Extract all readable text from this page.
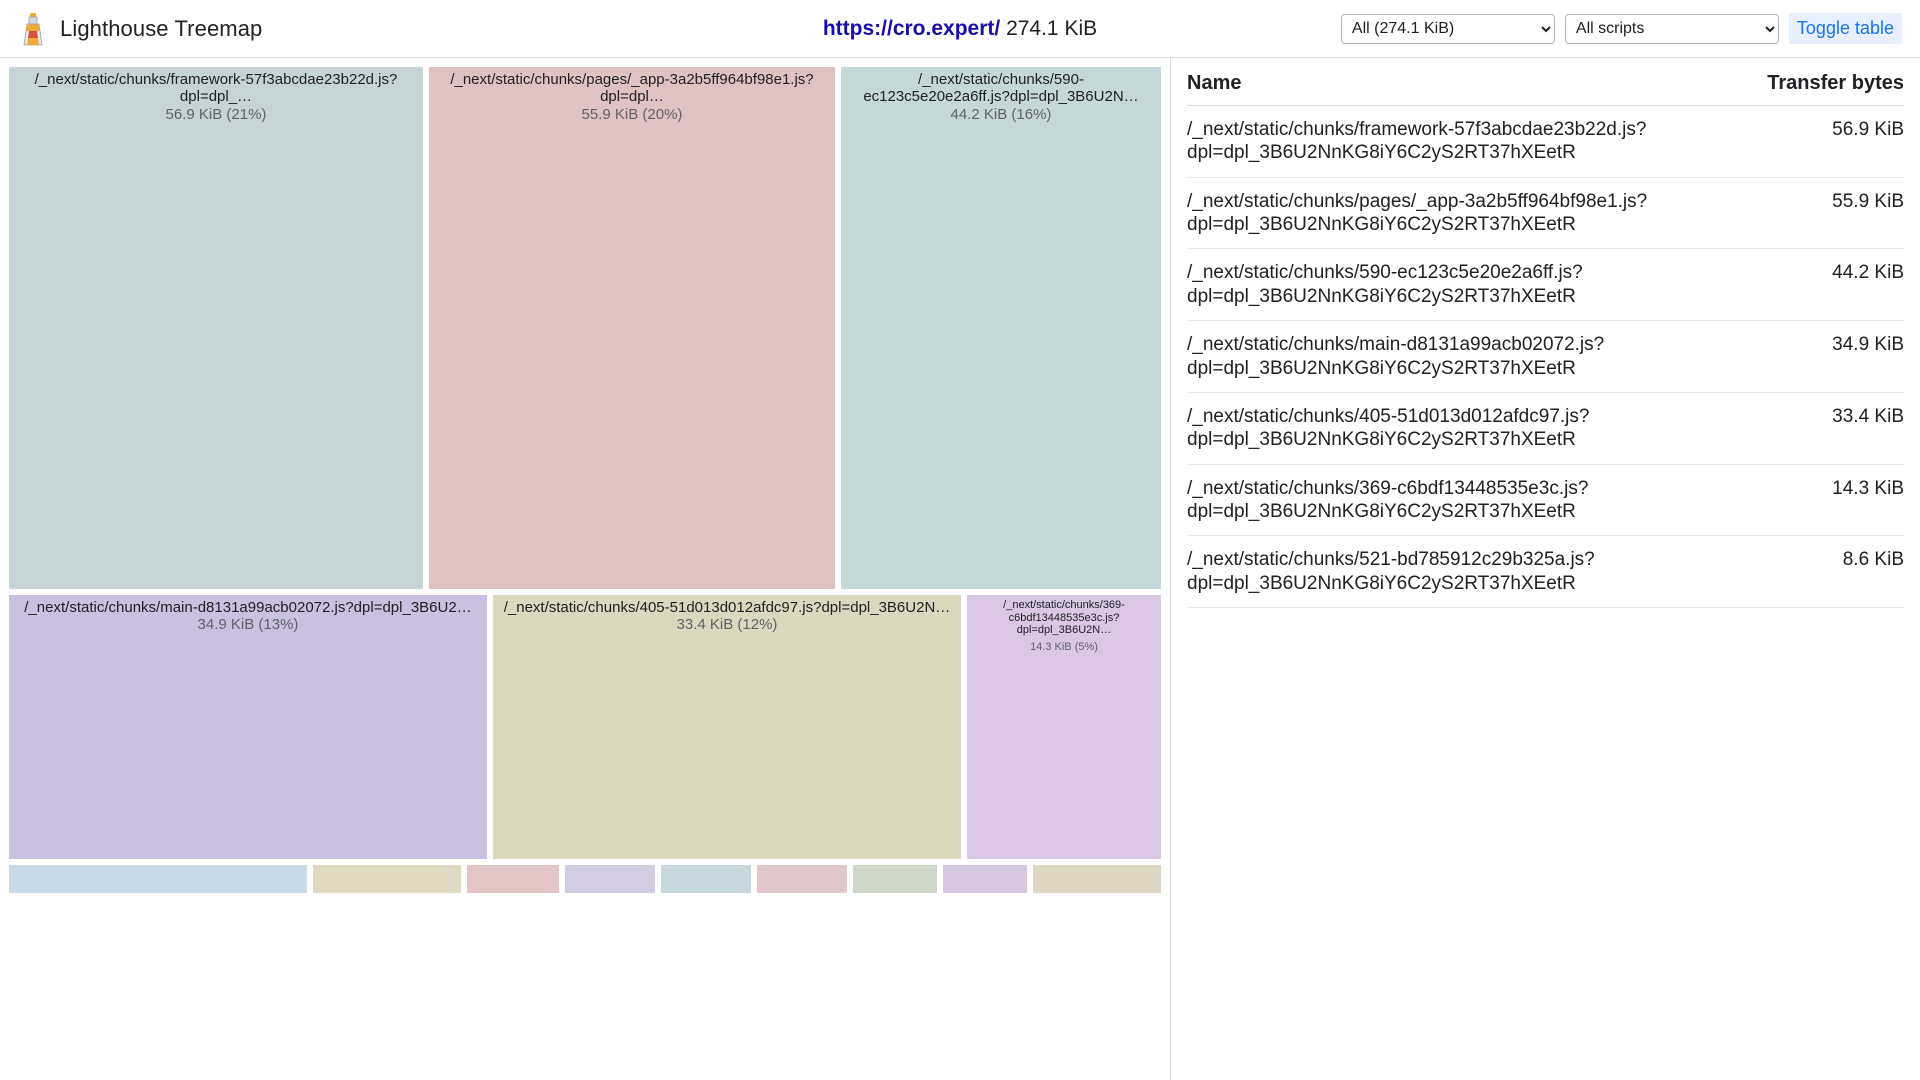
Lighthouse Treemap	https://cro.expert/ 274.1 KiB
All (274.1 KiB)
All scripts	Toggle table
/_next/static/chunks/framework-57f3abcdae23b22d.js?dpl=dpl_…
56.9 KiB (21%)
/_next/static/chunks/pages/_app-3a2b5ff964bf98e1.js?dpl=dpl…
55.9 KiB (20%)
/_next/static/chunks/590-ec123c5e20e2a6ff.js?dpl=dpl_3B6U2N…
44.2 KiB (16%)
/_next/static/chunks/main-d8131a99acb02072.js?dpl=dpl_3B6U2…
34.9 KiB (13%)
/_next/static/chunks/405-51d013d012afdc97.js?dpl=dpl_3B6U2N…
33.4 KiB (12%)
/_next/static/chunks/369-c6bdf13448535e3c.js?dpl=dpl_3B6U2N…
14.3 KiB (5%)
Name	Transfer bytes
/_next/static/chunks/framework-57f3abcdae23b22d.js?dpl=dpl_3B6U2NnKG8iY6C2yS2RT37hXEetR	56.9 KiB
/_next/static/chunks/pages/_app-3a2b5ff964bf98e1.js?dpl=dpl_3B6U2NnKG8iY6C2yS2RT37hXEetR	55.9 KiB
/_next/static/chunks/590-ec123c5e20e2a6ff.js?dpl=dpl_3B6U2NnKG8iY6C2yS2RT37hXEetR	44.2 KiB
/_next/static/chunks/main-d8131a99acb02072.js?dpl=dpl_3B6U2NnKG8iY6C2yS2RT37hXEetR	34.9 KiB
/_next/static/chunks/405-51d013d012afdc97.js?dpl=dpl_3B6U2NnKG8iY6C2yS2RT37hXEetR	33.4 KiB
/_next/static/chunks/369-c6bdf13448535e3c.js?dpl=dpl_3B6U2NnKG8iY6C2yS2RT37hXEetR	14.3 KiB
/_next/static/chunks/521-bd785912c29b325a.js?dpl=dpl_3B6U2NnKG8iY6C2yS2RT37hXEetR	8.6 KiB
